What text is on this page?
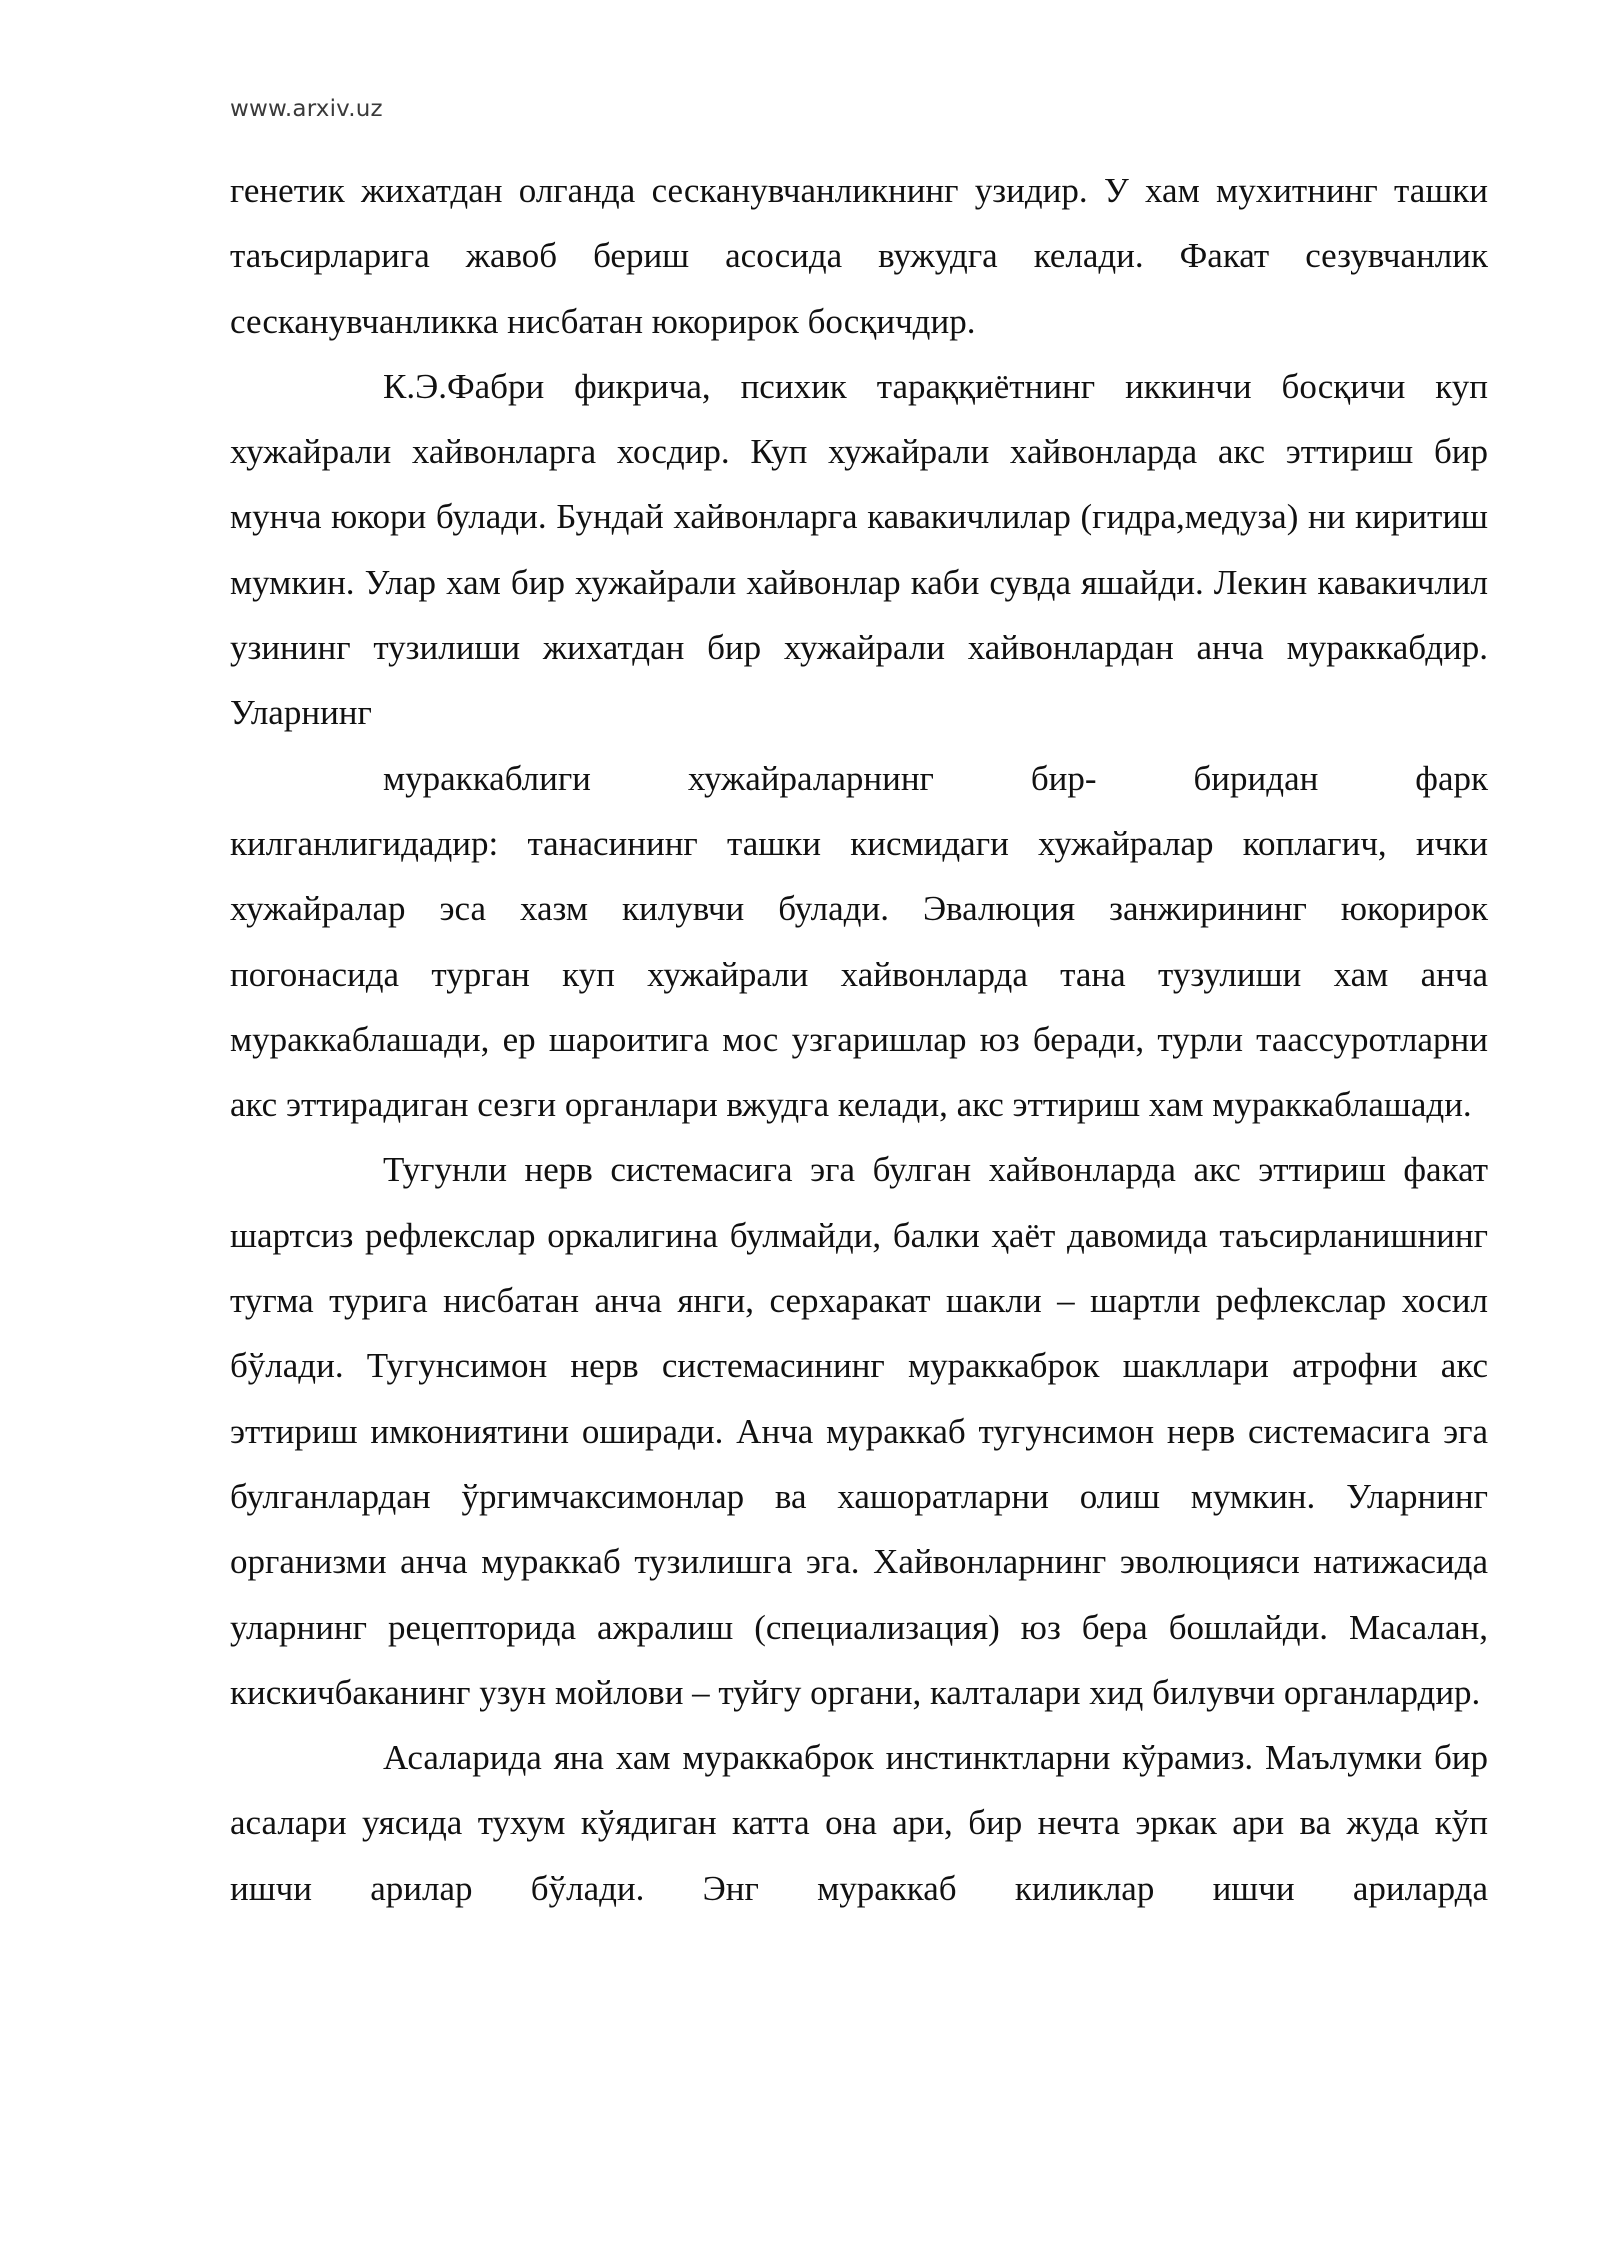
www.arxiv.uz

генетик жихатдан олганда сесканувчанликнинг узидир. У хам мухитнинг ташки таъсирларига жавоб бериш асосида вужудга келади. Факат сезувчанлик сесканувчанликка нисбатан юкорирок босқичдир.

К.Э.Фабри фикрича, психик тараққиётнинг иккинчи босқичи куп хужайрали хайвонларга хосдир. Куп хужайрали хайвонларда акс эттириш бир мунча юкори булади. Бундай хайвонларга кавакичлилар (гидра,медуза) ни киритиш мумкин. Улар хам бир хужайрали хайвонлар каби сувда яшайди. Лекин кавакичлил узининг тузилиши жихатдан бир хужайрали хайвонлардан анча мураккабдир. Уларнинг

мураккаблиги хужайраларнинг бир- биридан фарк

килганлигидадир: танасининг ташки кисмидаги хужайралар коплагич, ички хужайралар эса хазм килувчи булади. Эвалюция занжирининг юкорирок погонасида турган куп хужайрали хайвонларда тана тузулиши хам анча мураккаблашади, ер шароитига мос узгаришлар юз беради, турли таассуротларни акс эттирадиган сезги органлари вжудга келади, акс эттириш хам мураккаблашади.

Тугунли нерв системасига эга булган хайвонларда акс эттириш факат шартсиз рефлекслар оркалигина булмайди, балки ҳаёт давомида таъсирланишнинг тугма турига нисбатан анча янги, серхаракат шакли – шартли рефлекслар хосил бўлади. Тугунсимон нерв системасининг мураккаброк шакллари атрофни акс эттириш имкониятини оширади. Анча мураккаб тугунсимон нерв системасига эга булганлардан ўргимчаксимонлар ва хашоратларни олиш мумкин. Уларнинг организми анча мураккаб тузилишга эга. Хайвонларнинг эволюцияси натижасида уларнинг рецепторида ажралиш (специализация) юз бера бошлайди. Масалан, кискичбаканинг узун мойлови – туйгу органи, калталари хид билувчи органлардир.

Асаларида яна хам мураккаброк инстинктларни кўрамиз. Маълумки бир асалари уясида тухум кўядиган катта она ари, бир нечта эркак ари ва жуда кўп ишчи арилар бўлади. Энг мураккаб киликлар ишчи ариларда
